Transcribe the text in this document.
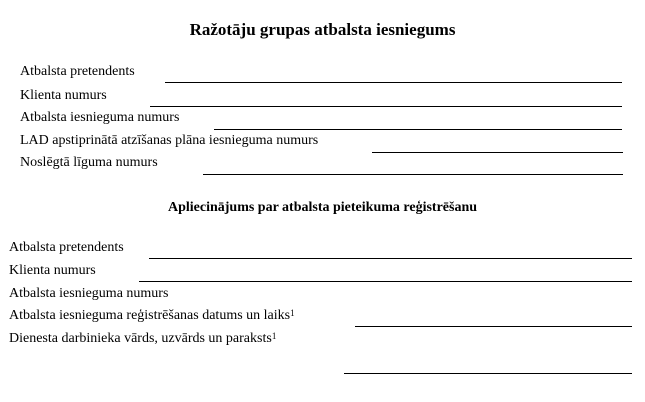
Ražotāju grupas atbalsta iesniegums
Atbalsta pretendents
Klienta numurs
Atbalsta iesnieguma numurs
LAD apstiprinātā atzīšanas plāna iesnieguma numurs
Noslēgtā līguma numurs
Apliecinājums par atbalsta pieteikuma reģistrēšanu
Atbalsta pretendents
Klienta numurs
Atbalsta iesnieguma numurs
Atbalsta iesnieguma reģistrēšanas datums un laiks$^1$
Dienesta darbinieka vārds, uzvārds un paraksts$^1$
